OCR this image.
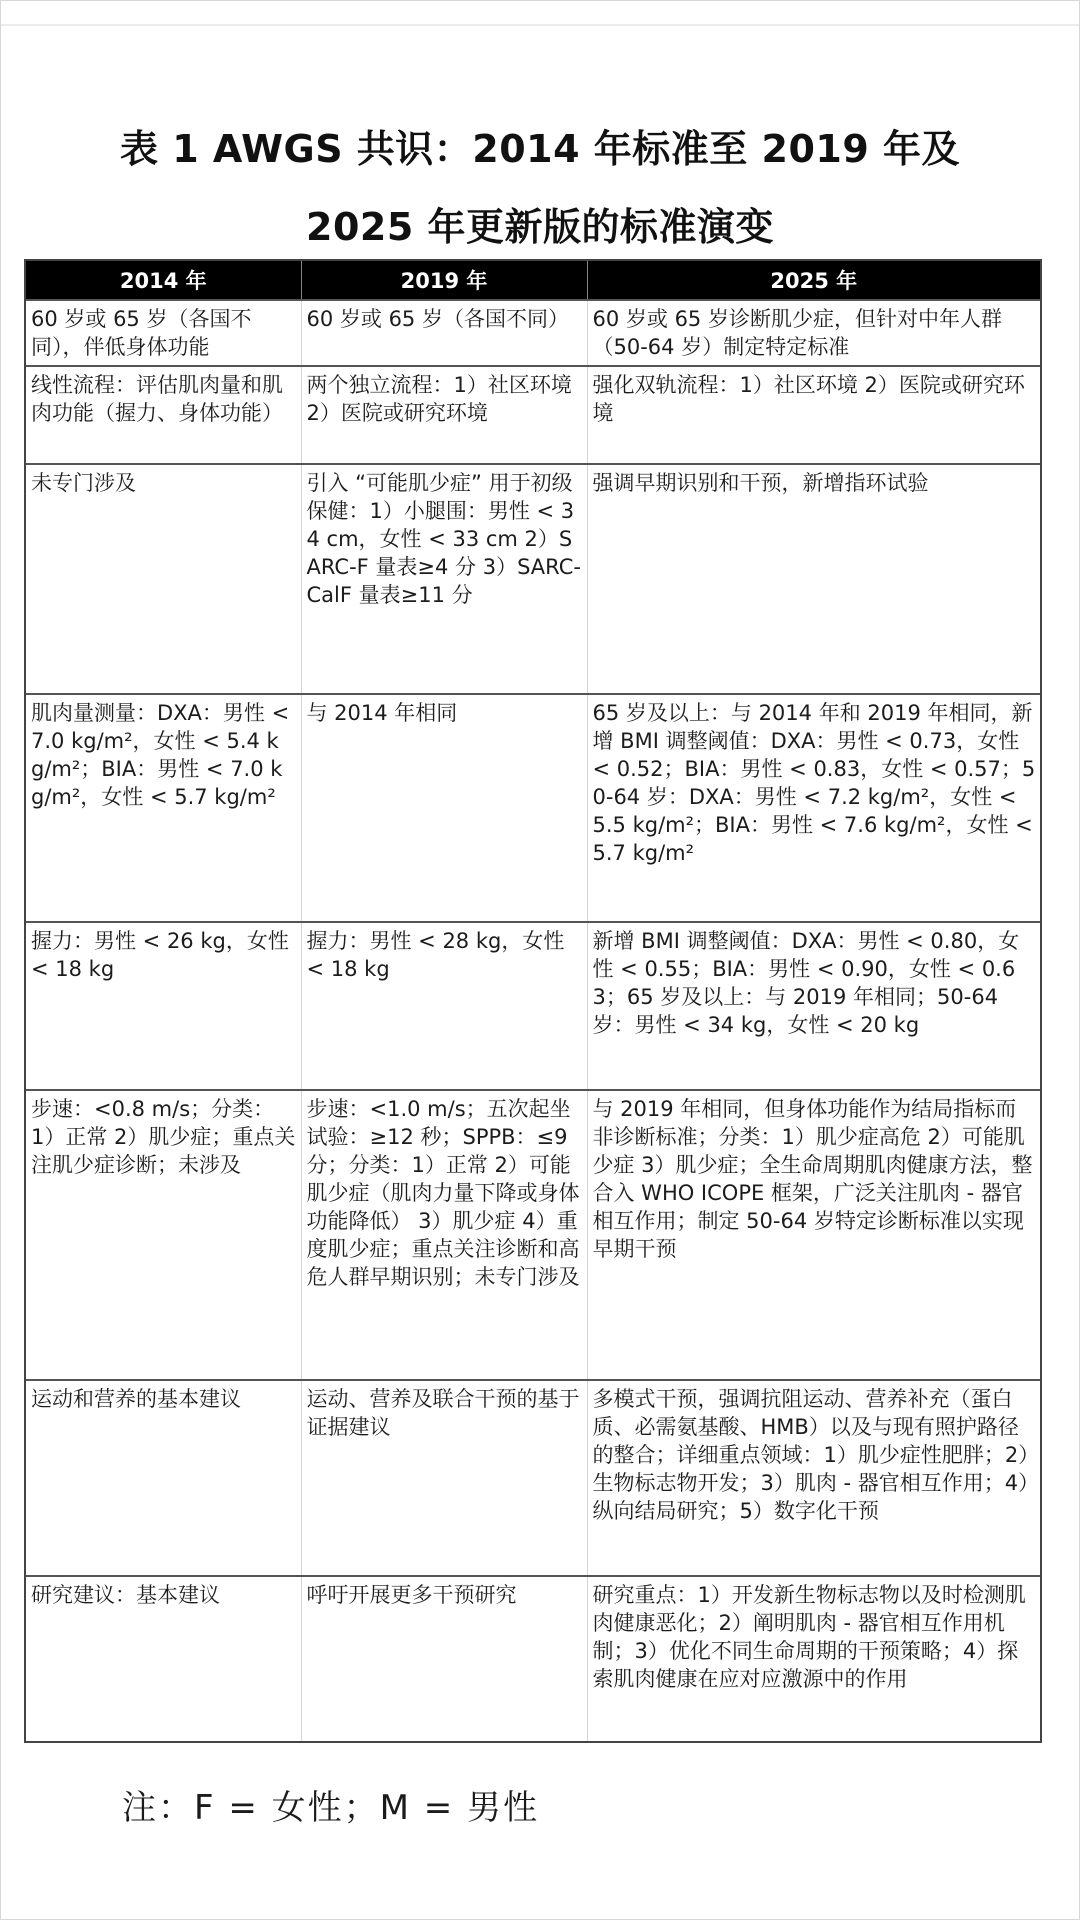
表 1 AWGS 共识：2014 年标准至 2019 年及
2025 年更新版的标准演变
2014 年	2019 年	2025 年
60 岁或 65 岁（各国不同），伴低身体功能	60 岁或 65 岁（各国不同）	60 岁或 65 岁诊断肌少症，但针对中年人群（50-64 岁）制定特定标准
线性流程：评估肌肉量和肌肉功能（握力、身体功能）	两个独立流程：1）社区环境 2）医院或研究环境	强化双轨流程：1）社区环境 2）医院或研究环境
未专门涉及	引入 “可能肌少症” 用于初级保健：1）小腿围：男性 < 34 cm，女性 < 33 cm 2）SARC-F 量表≥4 分 3）SARC-CalF 量表≥11 分	强调早期识别和干预，新增指环试验
肌肉量测量：DXA：男性 < 7.0 kg/m²，女性 < 5.4 kg/m²；BIA：男性 < 7.0 kg/m²，女性 < 5.7 kg/m²	与 2014 年相同	65 岁及以上：与 2014 年和 2019 年相同，新增 BMI 调整阈值：DXA：男性 < 0.73，女性 < 0.52；BIA：男性 < 0.83，女性 < 0.57；50-64 岁：DXA：男性 < 7.2 kg/m²，女性 < 5.5 kg/m²；BIA：男性 < 7.6 kg/m²，女性 < 5.7 kg/m²
握力：男性 < 26 kg，女性 < 18 kg	握力：男性 < 28 kg，女性 < 18 kg	新增 BMI 调整阈值：DXA：男性 < 0.80，女性 < 0.55；BIA：男性 < 0.90，女性 < 0.63；65 岁及以上：与 2019 年相同；50-64 岁：男性 < 34 kg，女性 < 20 kg
步速：<0.8 m/s；分类：1）正常 2）肌少症；重点关注肌少症诊断；未涉及	步速：<1.0 m/s；五次起坐试验：≥12 秒；SPPB：≤9 分；分类：1）正常 2）可能肌少症（肌肉力量下降或身体功能降低） 3）肌少症 4）重度肌少症；重点关注诊断和高危人群早期识别；未专门涉及	与 2019 年相同，但身体功能作为结局指标而非诊断标准；分类：1）肌少症高危 2）可能肌少症 3）肌少症；全生命周期肌肉健康方法，整合入 WHO ICOPE 框架，广泛关注肌肉 - 器官相互作用；制定 50-64 岁特定诊断标准以实现早期干预
运动和营养的基本建议	运动、营养及联合干预的基于证据建议	多模式干预，强调抗阻运动、营养补充（蛋白质、必需氨基酸、HMB）以及与现有照护路径的整合；详细重点领域：1）肌少症性肥胖；2）生物标志物开发；3）肌肉 - 器官相互作用；4）纵向结局研究；5）数字化干预
研究建议：基本建议	呼吁开展更多干预研究	研究重点：1）开发新生物标志物以及时检测肌肉健康恶化；2）阐明肌肉 - 器官相互作用机制；3）优化不同生命周期的干预策略；4）探索肌肉健康在应对应激源中的作用
注：F = 女性；M = 男性
